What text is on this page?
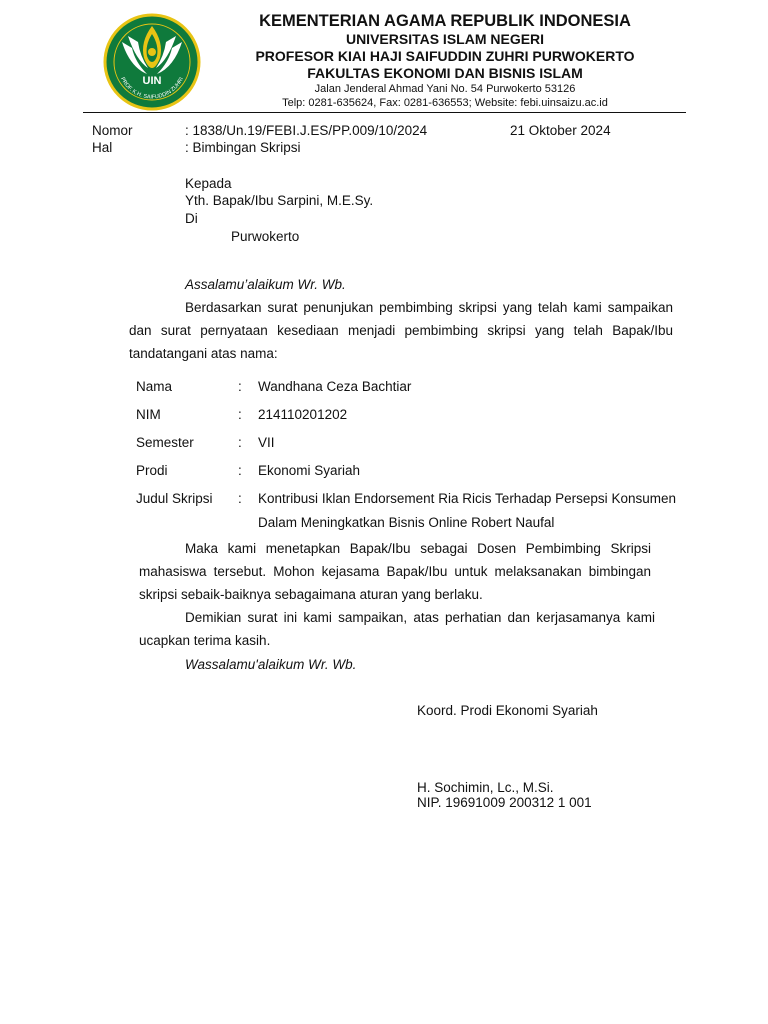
UIN
PROF. K.H. SAIFUDDIN ZUHRI
KEMENTERIAN AGAMA REPUBLIK INDONESIA
UNIVERSITAS ISLAM NEGERI
PROFESOR KIAI HAJI SAIFUDDIN ZUHRI PURWOKERTO
FAKULTAS EKONOMI DAN BISNIS ISLAM
Jalan Jenderal Ahmad Yani No. 54 Purwokerto 53126
Telp: 0281-635624, Fax: 0281-636553; Website: febi.uinsaizu.ac.id
Nomor	: 1838/Un.19/FEBI.J.ES/PP.009/10/2024	21 Oktober 2024
Hal	: Bimbingan Skripsi
Kepada
Yth. Bapak/Ibu Sarpini, M.E.Sy.
Di
Purwokerto
Assalamu’alaikum Wr. Wb.
Berdasarkan surat penunjukan pembimbing skripsi yang telah kami sampaikan dan surat pernyataan kesediaan menjadi pembimbing skripsi yang telah Bapak/Ibu tandatangani atas nama:
Nama	:	Wandhana Ceza Bachtiar
NIM	:	214110201202
Semester	:	VII
Prodi	:	Ekonomi Syariah
Judul Skripsi	:	Kontribusi Iklan Endorsement Ria Ricis Terhadap Persepsi Konsumen Dalam Meningkatkan Bisnis Online Robert Naufal
Maka kami menetapkan Bapak/Ibu sebagai Dosen Pembimbing Skripsi mahasiswa tersebut. Mohon kejasama Bapak/Ibu untuk melaksanakan bimbingan skripsi sebaik-baiknya sebagaimana aturan yang berlaku.
Demikian surat ini kami sampaikan, atas perhatian dan kerjasamanya kami ucapkan terima kasih.
Wassalamu'alaikum Wr. Wb.
Koord. Prodi Ekonomi Syariah
H. Sochimin, Lc., M.Si.
NIP. 19691009 200312 1 001
